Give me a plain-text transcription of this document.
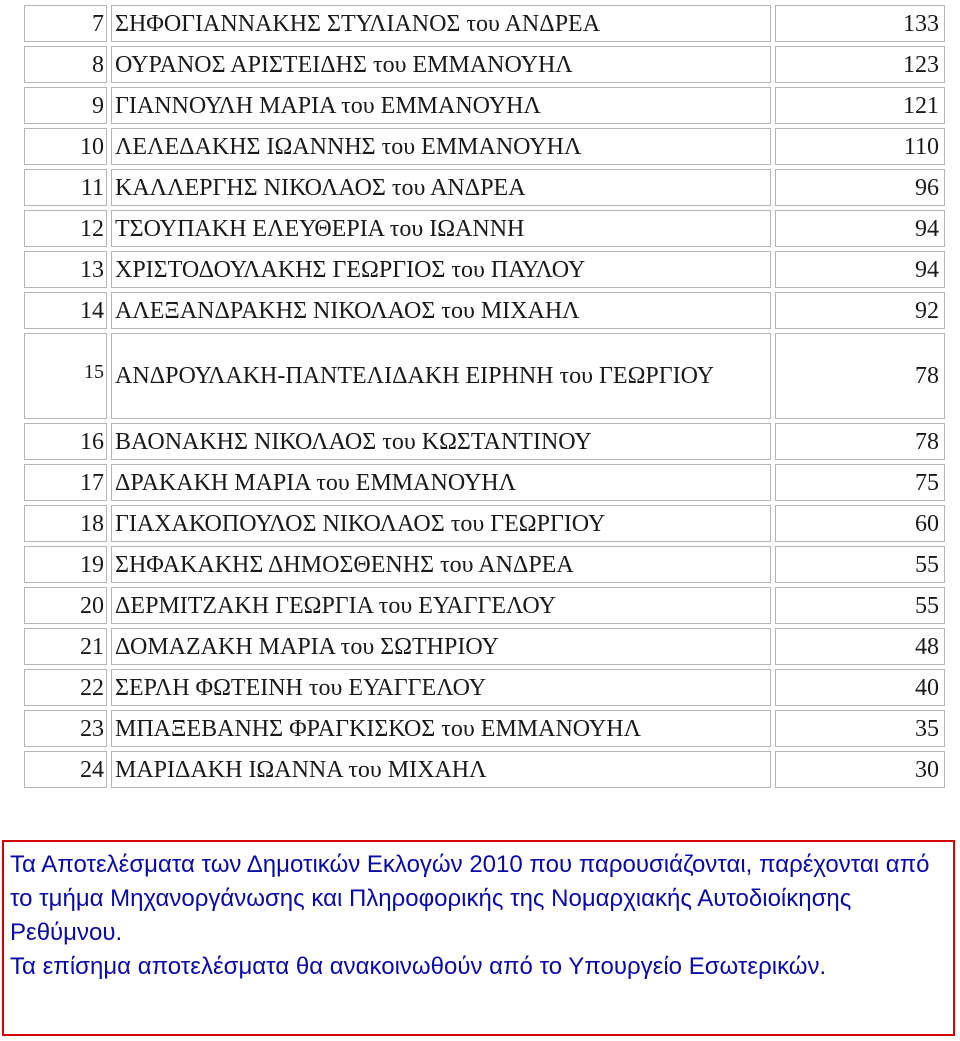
7	ΣΗΦΟΓΙΑΝΝΑΚΗΣ ΣΤΥΛΙΑΝΟΣ του ΑΝΔΡΕΑ	133
8	ΟΥΡΑΝΟΣ ΑΡΙΣΤΕΙΔΗΣ του ΕΜΜΑΝΟΥΗΛ	123
9	ΓΙΑΝΝΟΥΛΗ ΜΑΡΙΑ του ΕΜΜΑΝΟΥΗΛ	121
10	ΛΕΛΕΔΑΚΗΣ ΙΩΑΝΝΗΣ του ΕΜΜΑΝΟΥΗΛ	110
11	ΚΑΛΛΕΡΓΗΣ ΝΙΚΟΛΑΟΣ του ΑΝΔΡΕΑ	96
12	ΤΣΟΥΠΑΚΗ ΕΛΕΥΘΕΡΙΑ του ΙΩΑΝΝΗ	94
13	ΧΡΙΣΤΟΔΟΥΛΑΚΗΣ ΓΕΩΡΓΙΟΣ του ΠΑΥΛΟΥ	94
14	ΑΛΕΞΑΝΔΡΑΚΗΣ ΝΙΚΟΛΑΟΣ του ΜΙΧΑΗΛ	92
15	ΑΝΔΡΟΥΛΑΚΗ-ΠΑΝΤΕΛΙΔΑΚΗ ΕΙΡΗΝΗ του ΓΕΩΡΓΙΟΥ	78
16	ΒΑΟΝΑΚΗΣ ΝΙΚΟΛΑΟΣ του ΚΩΣΤΑΝΤΙΝΟΥ	78
17	ΔΡΑΚΑΚΗ ΜΑΡΙΑ του ΕΜΜΑΝΟΥΗΛ	75
18	ΓΙΑΧΑΚΟΠΟΥΛΟΣ ΝΙΚΟΛΑΟΣ του ΓΕΩΡΓΙΟΥ	60
19	ΣΗΦΑΚΑΚΗΣ ΔΗΜΟΣΘΕΝΗΣ του ΑΝΔΡΕΑ	55
20	ΔΕΡΜΙΤΖΑΚΗ ΓΕΩΡΓΙΑ του ΕΥΑΓΓΕΛΟΥ	55
21	ΔΟΜΑΖΑΚΗ ΜΑΡΙΑ του ΣΩΤΗΡΙΟΥ	48
22	ΣΕΡΛΗ ΦΩΤΕΙΝΗ του ΕΥΑΓΓΕΛΟΥ	40
23	ΜΠΑΞΕΒΑΝΗΣ ΦΡΑΓΚΙΣΚΟΣ του ΕΜΜΑΝΟΥΗΛ	35
24	ΜΑΡΙΔΑΚΗ ΙΩΑΝΝΑ του ΜΙΧΑΗΛ	30

Τα Αποτελέσματα των Δημοτικών Εκλογών 2010 που παρουσιάζονται, παρέχονται από το τμήμα Μηχανοργάνωσης και Πληροφορικής της Νομαρχιακής Αυτοδιοίκησης Ρεθύμνου.

Τα επίσημα αποτελέσματα θα ανακοινωθούν από το Υπουργείο Εσωτερικών.
